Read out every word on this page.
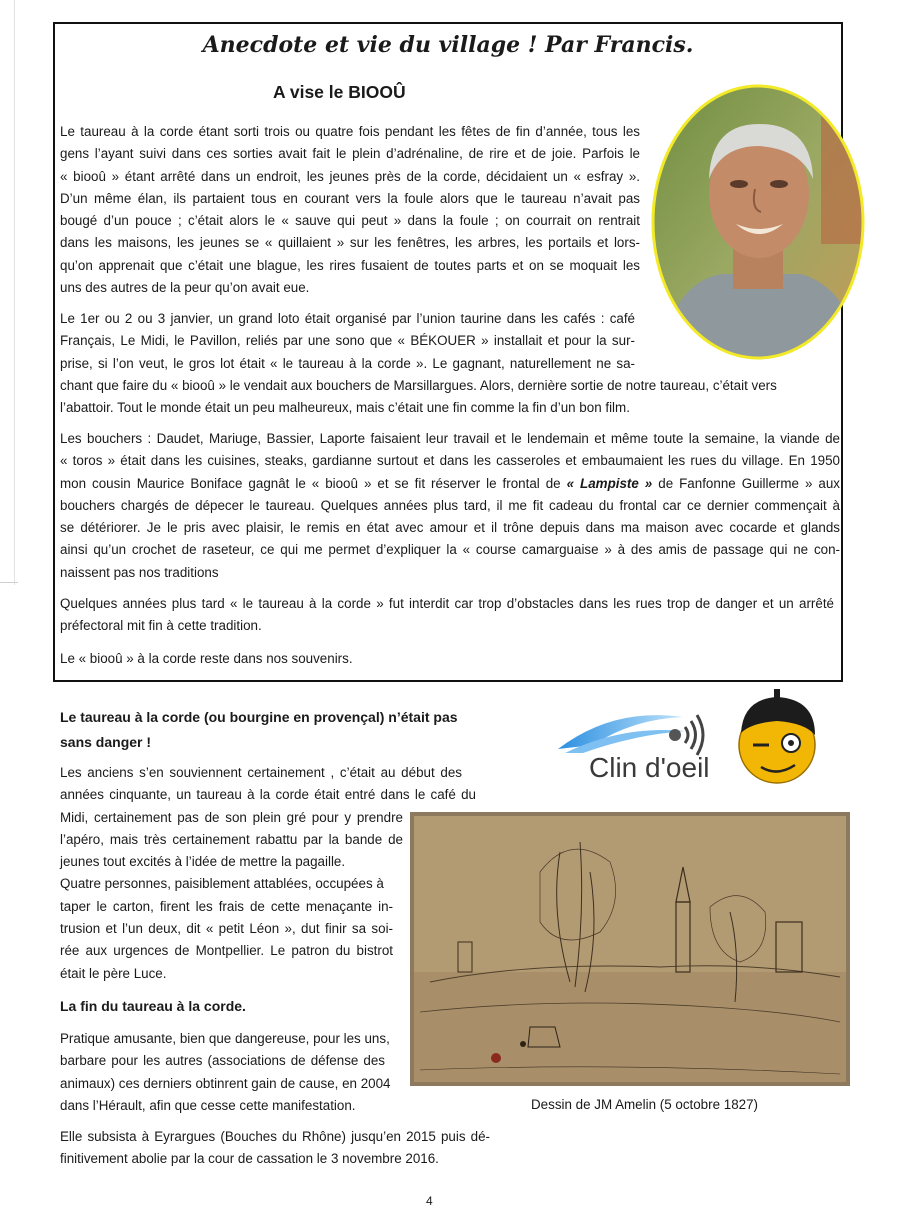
Anecdote et vie du village ! Par Francis.
A vise le BIOOÛ
Le taureau à la corde étant sorti trois ou quatre fois pendant les fêtes de fin d’année, tous les
gens l’ayant suivi dans ces sorties avait fait le plein d’adrénaline, de rire et de joie. Parfois le
« biooû » étant arrêté dans un endroit, les jeunes près de la corde, décidaient un « esfray ».
D’un même élan, ils partaient tous en courant vers la foule alors que le taureau n’avait pas
bougé d’un pouce ; c’était alors le « sauve qui peut » dans la foule ; on courrait on rentrait
dans les maisons, les jeunes se « quillaient » sur les fenêtres, les arbres, les portails et lors-
qu’on apprenait que c’était une blague, les rires fusaient de toutes parts et on se moquait les
uns des autres de la peur qu’on avait eue.
Le 1er ou 2 ou 3 janvier, un grand loto était organisé par l’union taurine dans les cafés : café
Français, Le Midi, le Pavillon, reliés par une sono que « BÉKOUER » installait et pour la sur-
prise, si l’on veut, le gros lot était « le taureau à la corde ». Le gagnant, naturellement ne sa-
chant que faire du « biooû » le vendait aux bouchers de Marsillargues. Alors, dernière sortie de notre taureau, c’était vers
l’abattoir. Tout le monde était un peu malheureux, mais c’était une fin comme la fin d’un bon film.
Les bouchers : Daudet, Mariuge, Bassier, Laporte faisaient leur travail et le lendemain et même toute la semaine, la viande de
« toros » était dans les cuisines, steaks, gardianne surtout et dans les casseroles et embaumaient les rues du village. En 1950
mon cousin Maurice Boniface gagnât le « biooû » et se fit réserver le frontal de « Lampiste » de Fanfonne Guillerme » aux
bouchers chargés de dépecer le taureau. Quelques années plus tard, il me fit cadeau du frontal car ce dernier commençait à
se détériorer. Je le pris avec plaisir, le remis en état avec amour et il trône depuis dans ma maison avec cocarde et glands
ainsi qu’un crochet de raseteur, ce qui me permet d’expliquer la « course camarguaise » à des amis de passage qui ne con-
naissent pas nos traditions
Quelques années plus tard « le taureau à la corde » fut interdit car trop d’obstacles dans les rues trop de danger et un arrêté
préfectoral mit fin à cette tradition.
Le « biooû » à la corde reste dans nos souvenirs.
Le taureau à la corde (ou bourgine en provençal) n’était pas
sans danger !
Les anciens s’en souviennent certainement , c’était au début des
années cinquante, un taureau à la corde était entré dans le café du
Midi, certainement pas de son plein gré pour y prendre
l’apéro, mais très certainement rabattu par la bande de
jeunes tout excités à l’idée de mettre la pagaille.
Quatre personnes, paisiblement attablées, occupées à
taper le carton, firent les frais de cette menaçante in-
trusion et l’un deux, dit « petit Léon », dut finir sa soi-
rée aux urgences de Montpellier. Le patron du bistrot
était le père Luce.
La fin du taureau à la corde.
Pratique amusante, bien que dangereuse, pour les uns,
barbare pour les autres (associations de défense des
animaux) ces derniers obtinrent gain de cause, en 2004
dans l’Hérault, afin que cesse cette manifestation.
Elle subsista à Eyrargues (Bouches du Rhône) jusqu’en 2015 puis dé-
finitivement abolie par la cour de cassation le 3 novembre 2016.
Clin d'oeil
Dessin de JM Amelin (5 octobre 1827)
4
